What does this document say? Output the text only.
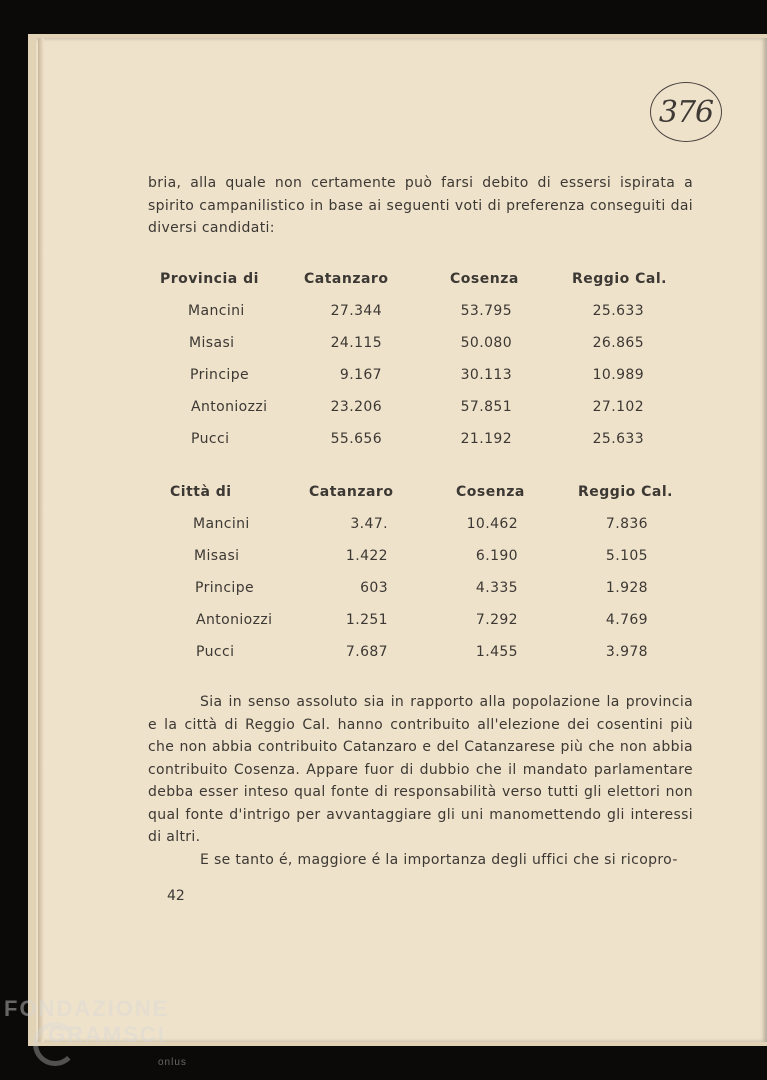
376

bria, alla quale non certamente può farsi debito di essersi ispirata a spirito campanilistico in base ai seguenti voti di preferenza conseguiti dai diversi candidati:

Provincia di	Catanzaro	Cosenza	Reggio Cal.
Mancini	27.344	53.795	25.633
Misasi	24.115	50.080	26.865
Principe	9.167	30.113	10.989
Antoniozzi	23.206	57.851	27.102
Pucci	55.656	21.192	25.633
Città di	Catanzaro	Cosenza	Reggio Cal.
Mancini	3.47.	10.462	7.836
Misasi	1.422	6.190	5.105
Principe	603	4.335	1.928
Antoniozzi	1.251	7.292	4.769
Pucci	7.687	1.455	3.978

Sia in senso assoluto sia in rapporto alla popolazione la provincia e la città di Reggio Cal. hanno contribuito all'elezione dei cosentini più che non abbia contribuito Catanzaro e del Catanzarese più che non abbia contribuito Cosenza. Appare fuor di dubbio che il mandato parlamentare debba esser inteso qual fonte di responsabilità verso tutti gli elettori non qual fonte d'intrigo per avvantaggiare gli uni manomettendo gli interessi di altri.

E se tanto é, maggiore é la importanza degli uffici che si ricopro-

42
FONDAZIONE
GRAMSCI
onlus
